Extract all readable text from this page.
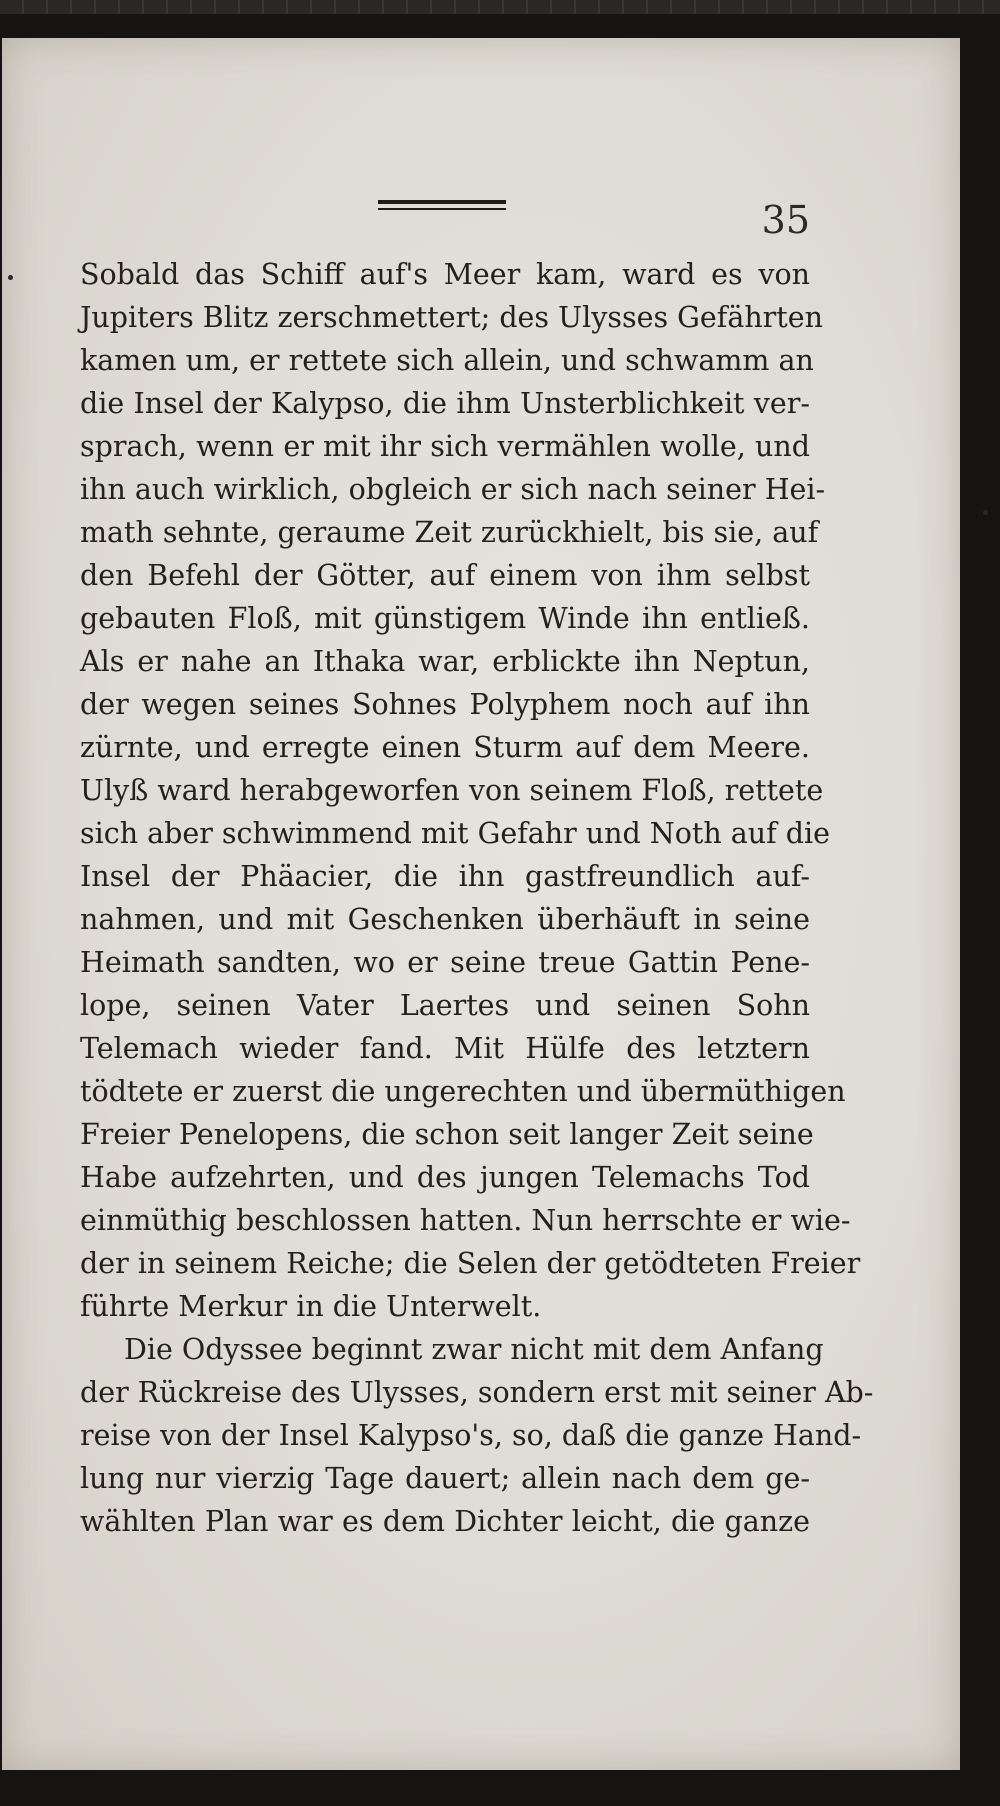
35
Sobald das Schiff auf's Meer kam, ward es von
Jupiters Blitz zerschmettert; des Ulysses Gefährten
kamen um, er rettete sich allein, und schwamm an
die Insel der Kalypso, die ihm Unsterblichkeit ver-
sprach, wenn er mit ihr sich vermählen wolle, und
ihn auch wirklich, obgleich er sich nach seiner Hei-
math sehnte, geraume Zeit zurückhielt, bis sie, auf
den Befehl der Götter, auf einem von ihm selbst
gebauten Floß, mit günstigem Winde ihn entließ.
Als er nahe an Ithaka war, erblickte ihn Neptun,
der wegen seines Sohnes Polyphem noch auf ihn
zürnte, und erregte einen Sturm auf dem Meere.
Ulyß ward herabgeworfen von seinem Floß, rettete
sich aber schwimmend mit Gefahr und Noth auf die
Insel der Phäacier, die ihn gastfreundlich auf-
nahmen, und mit Geschenken überhäuft in seine
Heimath sandten, wo er seine treue Gattin Pene-
lope, seinen Vater Laertes und seinen Sohn
Telemach wieder fand. Mit Hülfe des letztern
tödtete er zuerst die ungerechten und übermüthigen
Freier Penelopens, die schon seit langer Zeit seine
Habe aufzehrten, und des jungen Telemachs Tod
einmüthig beschlossen hatten. Nun herrschte er wie-
der in seinem Reiche; die Selen der getödteten Freier
führte Merkur in die Unterwelt.
Die Odyssee beginnt zwar nicht mit dem Anfang
der Rückreise des Ulysses, sondern erst mit seiner Ab-
reise von der Insel Kalypso's, so, daß die ganze Hand-
lung nur vierzig Tage dauert; allein nach dem ge-
wählten Plan war es dem Dichter leicht, die ganze
